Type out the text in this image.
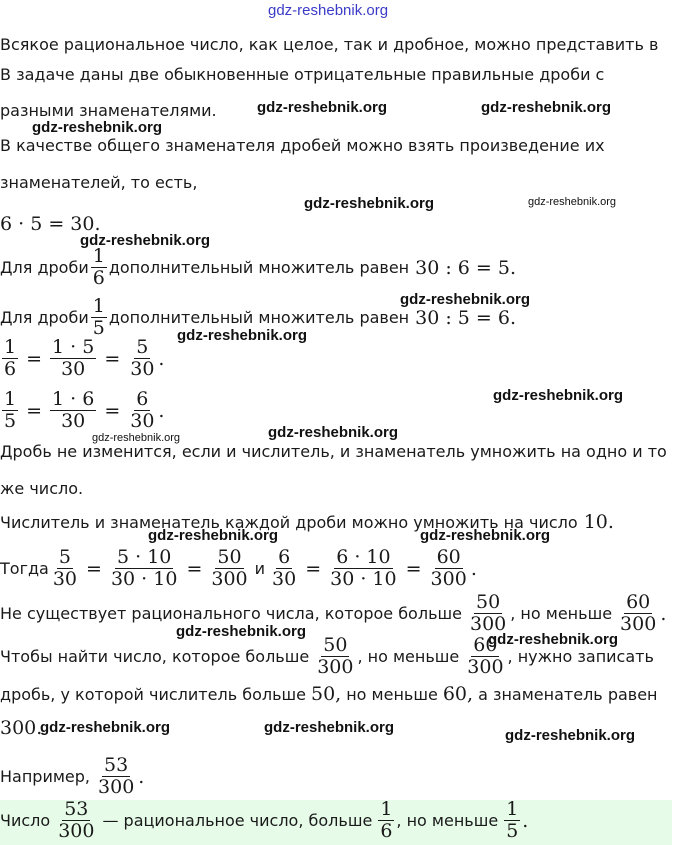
gdz-reshebnik.org
gdz-reshebnik.org	gdz-reshebnik.org
gdz-reshebnik.org
gdz-reshebnik.org	gdz-reshebnik.org
gdz-reshebnik.org
gdz-reshebnik.org
gdz-reshebnik.org
gdz-reshebnik.org
gdz-reshebnik.org
gdz-reshebnik.org
gdz-reshebnik.org	gdz-reshebnik.org
gdz-reshebnik.org	gdz-reshebnik.org
gdz-reshebnik.org	gdz-reshebnik.org	gdz-reshebnik.org
Всякое рациональное число, как целое, так и дробное, можно представить в
В задаче даны две обыкновенные отрицательные правильные дроби с
разными знаменателями.
В качестве общего знаменателя дробей можно взять произведение их
знаменателей, то есть,
6 · 5 = 30.
Для дроби $\frac{1}{6}$ дополнительный множитель равен 30 : 6 = 5.
Для дроби $\frac{1}{5}$ дополнительный множитель равен 30 : 5 = 6.
$\frac{1}{6} = \frac{1 \cdot 5}{30} = \frac{5}{30}$ .
$\frac{1}{5} = \frac{1 \cdot 6}{30} = \frac{6}{30}$ .
Дробь не изменится, если и числитель, и знаменатель умножить на одно и то
же число.
Числитель и знаменатель каждой дроби можно умножить на число 10.
Тогда $\frac{5}{30} = \frac{5 \cdot 10}{30 \cdot 10} = \frac{50}{300}$ и $\frac{6}{30} = \frac{6 \cdot 10}{30 \cdot 10} = \frac{60}{300}$ .
Не существует рационального числа, которое больше $\frac{50}{300}$ , но меньше $\frac{60}{300}$ .
Чтобы найти число, которое больше $\frac{50}{300}$ , но меньше $\frac{60}{300}$ , нужно записать
дробь, у которой числитель больше 50, но меньше 60, а знаменатель равен
300.
Например, $\frac{53}{300}$ .
Число $\frac{53}{300}$ — рациональное число, больше $\frac{1}{6}$ , но меньше $\frac{1}{5}$ .
